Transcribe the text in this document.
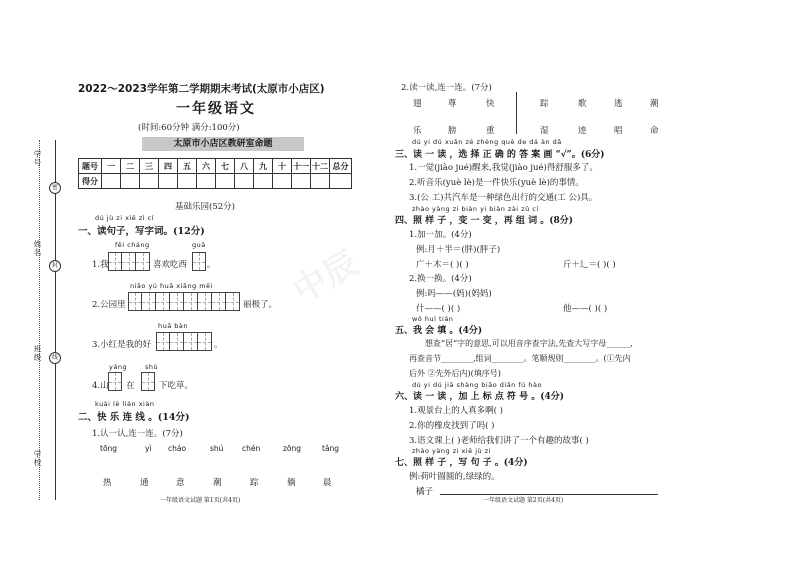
学号
姓名
班级
学校
密
封
线
中辰
2022～2023学年第二学期期末考试(太原市小店区)
一年级语文
(时间:60分钟 满分:100分)
太原市小店区教研室命题
题号	一	二	三	四	五	六	七	八	九	十	十一	十二	总分
得分													
基础乐园(52分)
dú jù zi xiě zì cí
一、读句子，写字词。(12分)
fēi cháng	guā
1.我	喜欢吃西 。
niǎo yú huā xiāng měi
2.公园里	丽极了。
huā bàn
3.小红是我的好	。
yáng	shù
4.山 在	下吃草。
kuài lè lián xiàn
二、快 乐 连 线 。(14分)
1.认一认,连一连。(7分)
tōng	yì cháo	shú chén	zōng	tǎng
热	通	意	潮	踪	躺	晨
一年级语文试题 第1页(共4页)
2.读一读,连一连。(7分)
翅	尊	快	踪	歌	逃	潮
乐	膀	重	湿	迹	唱	命
dú yi dú xuǎn zé zhèng què de dá àn dǎ
三、读 一 读 ，选 择 正 确 的 答 案 画 “√”。(6分)
1.一觉(jiào jué)醒来,我觉(jiào jué)得舒服多了。
2.听音乐(yuè lè)是一件快乐(yuè lè)的事情。
3.(公 工)共汽车是一种绿色出行的交通(工 公)具。
zhào yàng zi biàn yi biàn zài zǔ cí
四、照 样 子 ，变 一 变 ，再 组 词 。(8分)
1.加一加。(4分)
例:月＋半＝(胖)(胖子)
广＋木＝( )( )	斤＋辶＝( )( )
2.换一换。(4分)
例:吗——(妈)(妈妈)
什——( )( )	他——( )( )
wǒ huì tián
五、我 会 填 。(4分)
想查“居”字的意思,可以用音序查字法,先查大写字母______,
再查音节________,组词________。笔顺规则________。(①先内
后外 ②先外后内)(填序号)
dú yi dú jiā shàng biāo diǎn fú hào
六、读 一 读 ，加 上 标 点 符 号 。(4分)
1.观景台上的人真多啊( )
2.你的橡皮找到了吗( )
3.语文课上( )老师给我们讲了一个有趣的故事( )
zhào yàng zi xiě jù zi
七、照 样 子 ，写 句 子 。(4分)
例:荷叶圆圆的,绿绿的。
橘子
一年级语文试题 第2页(共4页)
